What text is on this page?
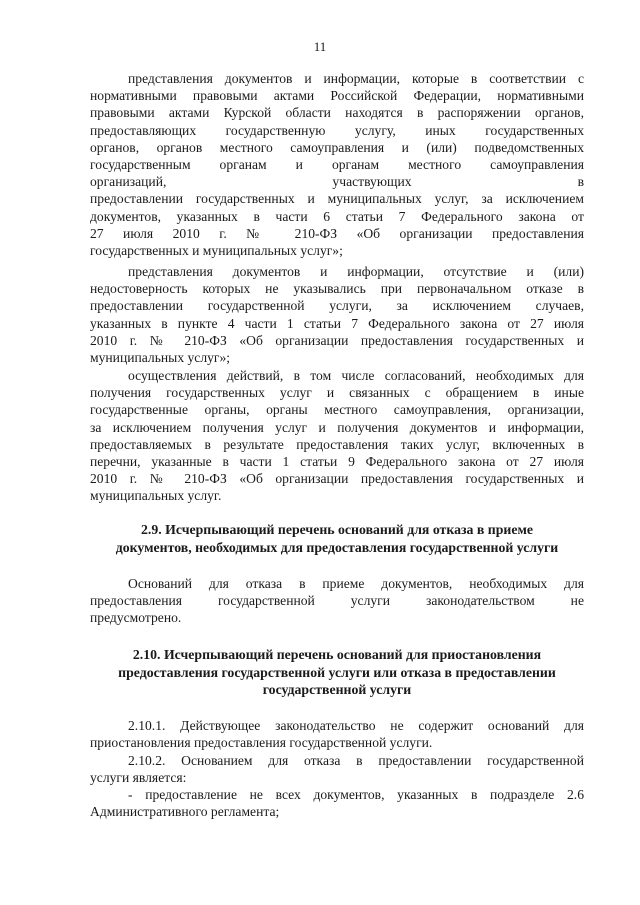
11
представления документов и информации, которые в соответствии с
нормативными правовыми актами Российской Федерации, нормативными
правовыми актами Курской области находятся в распоряжении органов,
предоставляющих государственную услугу, иных государственных
органов, органов местного самоуправления и (или) подведомственных
государственным органам и органам местного самоуправления
организаций, участвующих в
предоставлении государственных и муниципальных услуг, за исключением
документов, указанных в части 6 статьи 7 Федерального закона от
27 июля 2010 г. № 210-ФЗ «Об организации предоставления
государственных и муниципальных услуг»;
представления документов и информации, отсутствие и (или)
недостоверность которых не указывались при первоначальном отказе в
предоставлении государственной услуги, за исключением случаев,
указанных в пункте 4 части 1 статьи 7 Федерального закона от 27 июля
2010 г. № 210-ФЗ «Об организации предоставления государственных и
муниципальных услуг»;
осуществления действий, в том числе согласований, необходимых для
получения государственных услуг и связанных с обращением в иные
государственные органы, органы местного самоуправления, организации,
за исключением получения услуг и получения документов и информации,
предоставляемых в результате предоставления таких услуг, включенных в
перечни, указанные в части 1 статьи 9 Федерального закона от 27 июля
2010 г. № 210-ФЗ «Об организации предоставления государственных и
муниципальных услуг.
2.9. Исчерпывающий перечень оснований для отказа в приеме
документов, необходимых для предоставления государственной услуги
Оснований для отказа в приеме документов, необходимых для
предоставления государственной услуги законодательством не
предусмотрено.
2.10. Исчерпывающий перечень оснований для приостановления
предоставления государственной услуги или отказа в предоставлении
государственной услуги
2.10.1. Действующее законодательство не содержит оснований для
приостановления предоставления государственной услуги.
2.10.2. Основанием для отказа в предоставлении государственной
услуги является:
- предоставление не всех документов, указанных в подразделе 2.6
Административного регламента;
